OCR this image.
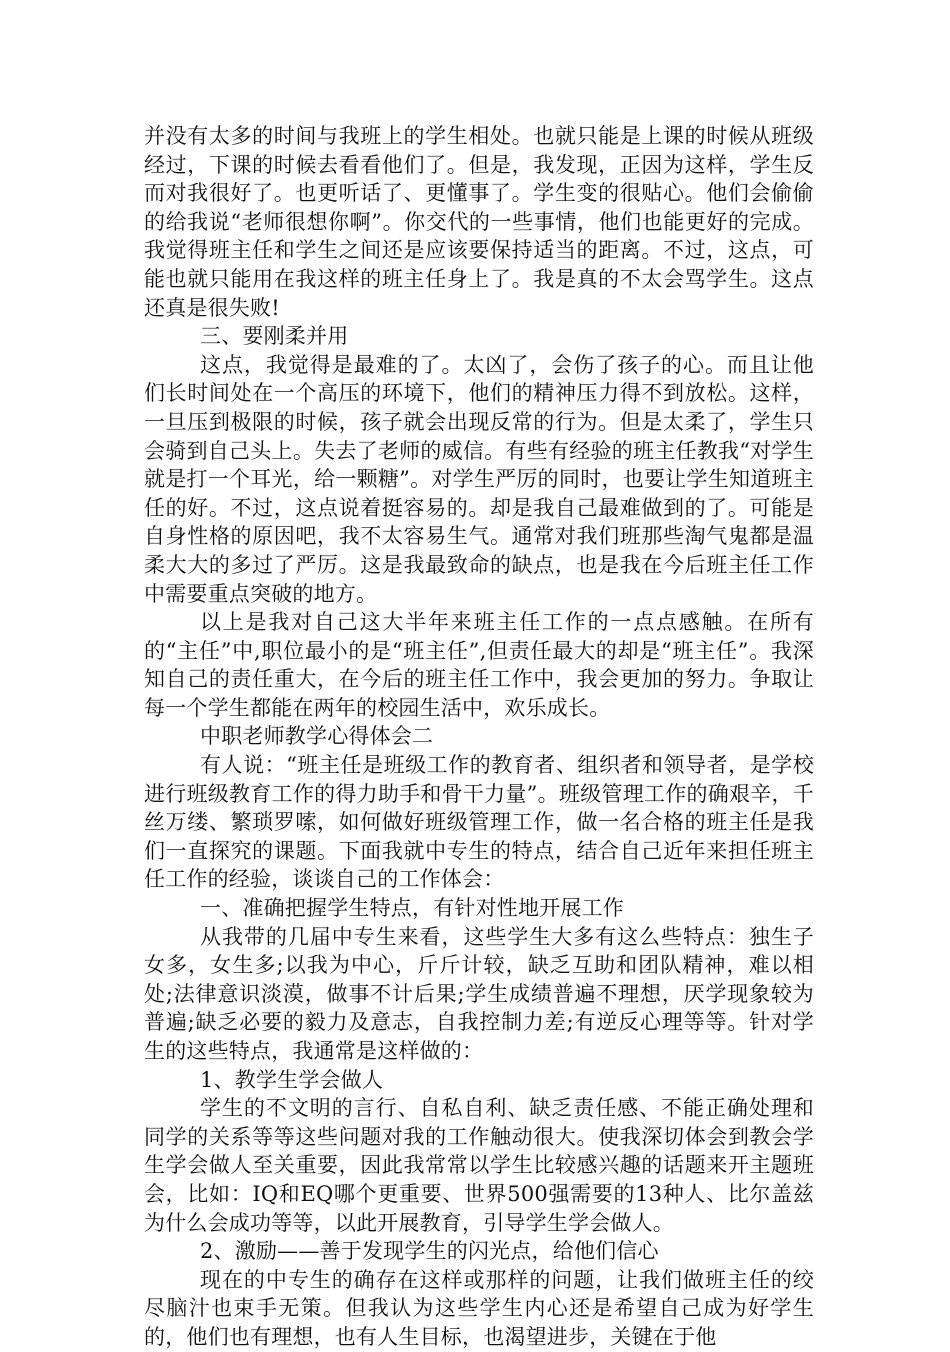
并没有太多的时间与我班上的学生相处。也就只能是上课的时候从班级经过，下课的时候去看看他们了。但是，我发现，正因为这样，学生反而对我很好了。也更听话了、更懂事了。学生变的很贴心。他们会偷偷的给我说“老师很想你啊”。你交代的一些事情，他们也能更好的完成。我觉得班主任和学生之间还是应该要保持适当的距离。不过，这点，可能也就只能用在我这样的班主任身上了。我是真的不太会骂学生。这点还真是很失败!

三、要刚柔并用

这点，我觉得是最难的了。太凶了，会伤了孩子的心。而且让他们长时间处在一个高压的环境下，他们的精神压力得不到放松。这样，一旦压到极限的时候，孩子就会出现反常的行为。但是太柔了，学生只会骑到自己头上。失去了老师的威信。有些有经验的班主任教我“对学生就是打一个耳光，给一颗糖”。对学生严厉的同时，也要让学生知道班主任的好。不过，这点说着挺容易的。却是我自己最难做到的了。可能是自身性格的原因吧，我不太容易生气。通常对我们班那些淘气鬼都是温柔大大的多过了严厉。这是我最致命的缺点，也是我在今后班主任工作中需要重点突破的地方。

以上是我对自己这大半年来班主任工作的一点点感触。在所有的“主任”中,职位最小的是“班主任”,但责任最大的却是“班主任”。我深知自己的责任重大，在今后的班主任工作中，我会更加的努力。争取让每一个学生都能在两年的校园生活中，欢乐成长。

中职老师教学心得体会二

有人说：“班主任是班级工作的教育者、组织者和领导者，是学校进行班级教育工作的得力助手和骨干力量”。班级管理工作的确艰辛，千丝万缕、繁琐罗嗦，如何做好班级管理工作，做一名合格的班主任是我们一直探究的课题。下面我就中专生的特点，结合自己近年来担任班主任工作的经验，谈谈自己的工作体会：

一、准确把握学生特点，有针对性地开展工作

从我带的几届中专生来看，这些学生大多有这么些特点：独生子女多，女生多;以我为中心，斤斤计较，缺乏互助和团队精神，难以相处;法律意识淡漠，做事不计后果;学生成绩普遍不理想，厌学现象较为普遍;缺乏必要的毅力及意志，自我控制力差;有逆反心理等等。针对学生的这些特点，我通常是这样做的：

1、教学生学会做人

学生的不文明的言行、自私自利、缺乏责任感、不能正确处理和同学的关系等等这些问题对我的工作触动很大。使我深切体会到教会学生学会做人至关重要，因此我常常以学生比较感兴趣的话题来开主题班会，比如：IQ和EQ哪个更重要、世界500强需要的13种人、比尔盖兹为什么会成功等等，以此开展教育，引导学生学会做人。

2、激励——善于发现学生的闪光点，给他们信心

现在的中专生的确存在这样或那样的问题，让我们做班主任的绞尽脑汁也束手无策。但我认为这些学生内心还是希望自己成为好学生的，他们也有理想，也有人生目标，也渴望进步，关键在于他
